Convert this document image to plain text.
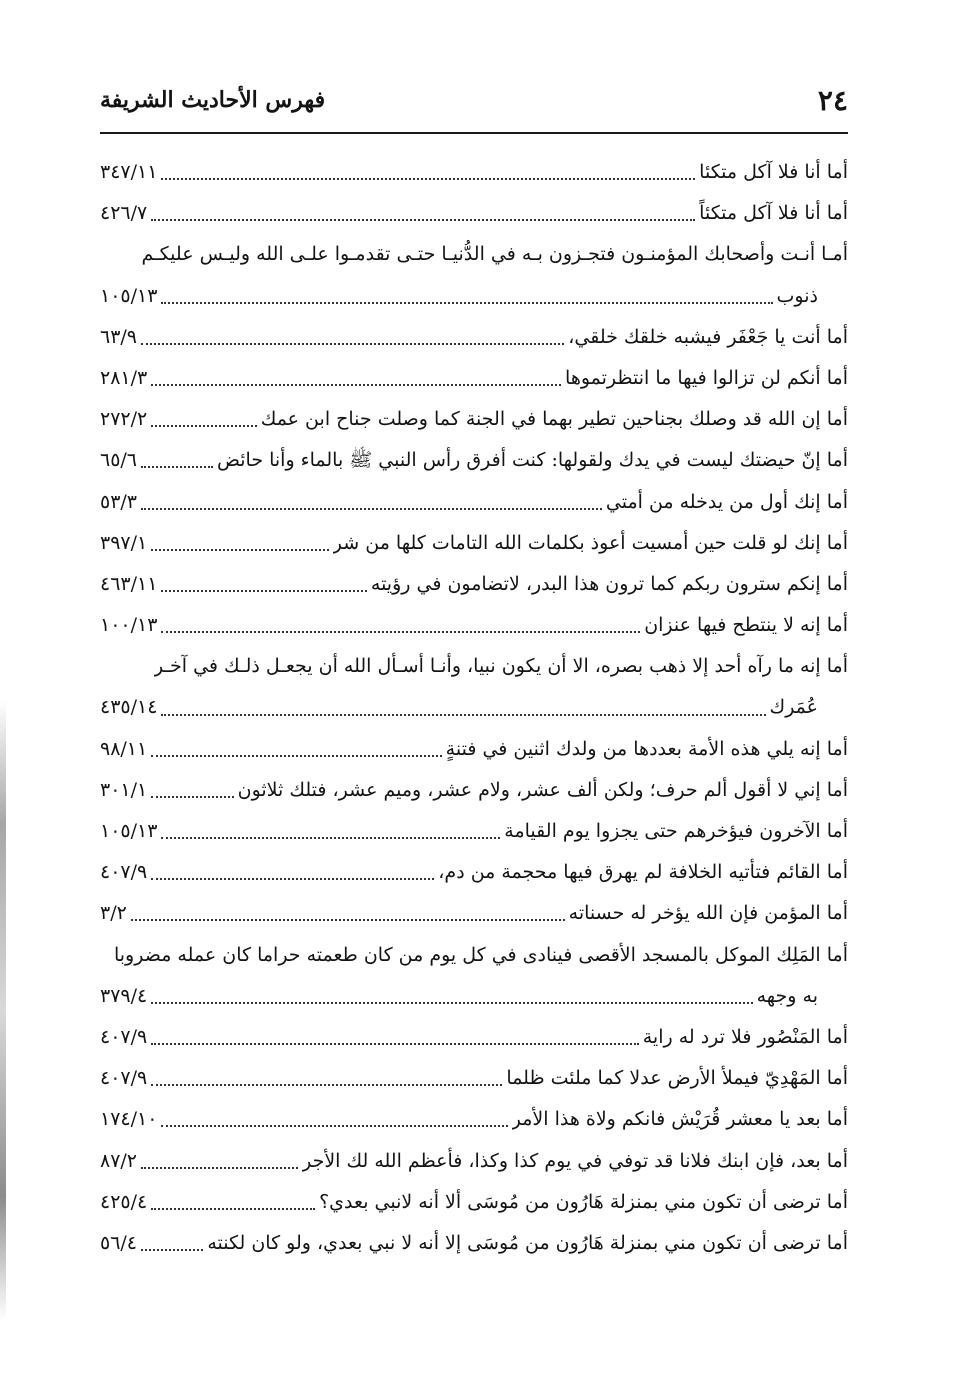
٢٤
فهرس الأحاديث الشريفة
أما أنا فلا آكل متكئا
٣٤٧/١١
أما أنا فلا آكل متكئاً
٤٢٦/٧
أمـا أنـت وأصحابك المؤمنـون فتجـزون بـه في الدُّنيـا حتـى تقدمـوا علـى الله وليـس عليكـم
ذنوب
١٠٥/١٣
أما أنت يا جَعْفَر فيشبه خلقك خلقي،
٦٣/٩
أما أنكم لن تزالوا فيها ما انتظرتموها
٢٨١/٣
أما إن الله قد وصلك بجناحين تطير بهما في الجنة كما وصلت جناح ابن عمك
٢٧٢/٢
أما إنّ حيضتك ليست في يدك ولقولها: كنت أفرق رأس النبي ﷺ بالماء وأنا حائض
٦٥/٦
أما إنك أول من يدخله من أمتي
٥٣/٣
أما إنك لو قلت حين أمسيت أعوذ بكلمات الله التامات كلها من شر
٣٩٧/١
أما إنكم سترون ربكم كما ترون هذا البدر، لاتضامون في رؤيته
٤٦٣/١١
أما إنه لا ينتطح فيها عنزان
١٠٠/١٣
أما إنه ما رآه أحد إلا ذهب بصره، الا أن يكون نبيا، وأنـا أسـأل الله أن يجعـل ذلـك في آخـر
عُمَرك
٤٣٥/١٤
أما إنه يلي هذه الأمة بعددها من ولدك اثنين في فتنةٍ
٩٨/١١
أما إني لا أقول ألم حرف؛ ولكن ألف عشر، ولام عشر، وميم عشر، فتلك ثلاثون
٣٠١/١
أما الآخرون فيؤخرهم حتى يجزوا يوم القيامة
١٠٥/١٣
أما القائم فتأتيه الخلافة لم يهرق فيها محجمة من دم،
٤٠٧/٩
أما المؤمن فإن الله يؤخر له حسناته
٣/٢
أما المَلِك الموكل بالمسجد الأقصى فينادى في كل يوم من كان طعمته حراما كان عمله مضروبا
به وجهه
٣٧٩/٤
أما المَنْصُور فلا ترد له راية
٤٠٧/٩
أما المَهْدِيّ فيملأ الأرض عدلا كما ملئت ظلما
٤٠٧/٩
أما بعد يا معشر قُرَيْش فانكم ولاة هذا الأمر
١٧٤/١٠
أما بعد، فإن ابنك فلانا قد توفي في يوم كذا وكذا، فأعظم الله لك الأجر
٨٧/٢
أما ترضى أن تكون مني بمنزلة هَارُون من مُوسَى ألا أنه لانبي بعدي؟
٤٢٥/٤
أما ترضى أن تكون مني بمنزلة هَارُون من مُوسَى إلا أنه لا نبي بعدي، ولو كان لكنته
٥٦/٤
